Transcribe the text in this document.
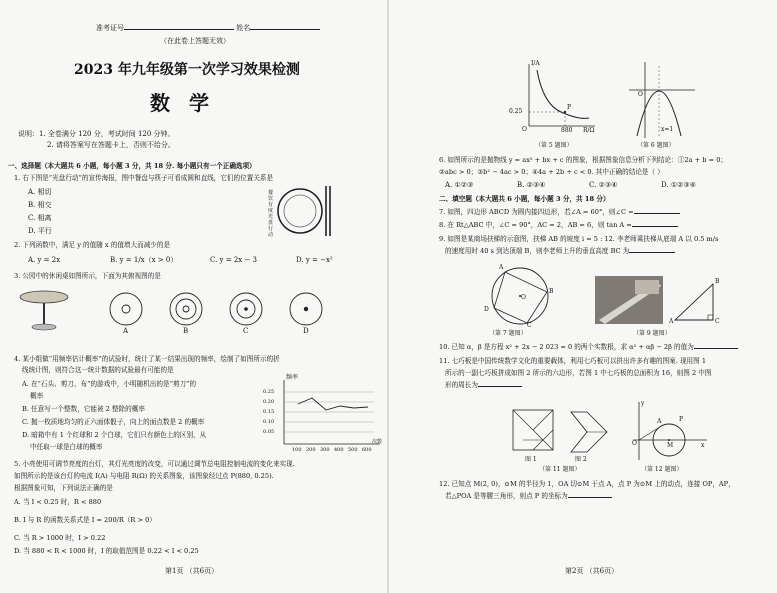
准考证号	姓名
（在此卷上答题无效）
2023 年九年级第一次学习效果检测
数 学
说明：1. 全卷满分 120 分，考试时间 120 分钟。
2. 请将答案写在答题卡上，否则不给分。
一、选择题（本大题共 6 小题，每小题 3 分，共 18 分. 每小题只有一个正确选项）
1. 右下图是“光盘行动”的宣传海报，图中餐盘与筷子可看成圆和直线，它们的位置关系是
A. 相切
B. 相交
C. 相离
D. 平行
餐饮有度 光盘行动
2. 下列函数中，满足 y 的值随 x 的值增大而减少的是
A. y = 2x	B. y = 1/x（x > 0）	C. y = 2x − 3	D. y = −x²
3. 公园中的休闲桌如图所示，下面为其俯视图的是
A	B	C	D
4. 某小组做“用频率估计概率”的试验时，统计了某一结果出现的频率，绘制了如图所示的折
线统计图，则符合这一统计数据的试验最有可能的是
A. 在“石头、剪刀、布”的游戏中，小明随机出的是“剪刀”的
概率
B. 任意写一个整数，它能被 2 整除的概率
C. 抛一枚质地均匀的正六面体骰子，向上的面点数是 2 的概率
D. 暗箱中有 1 个红球和 2 个白球，它们只有颜色上的区别，从
中任取一球是白球的概率
频率
0.25
0.20
0.15
0.10
0.05
100 200 300 400 500 600
次数
5. 小亮使用可调节亮度的台灯，其灯光亮度的改变，可以通过调节总电阻控制电流的变化来实现.
如图所示的是该台灯的电流 I(A) 与电阻 R(Ω) 的关系图象，该图象经过点 P(880, 0.25).
根据图象可知，下列说法正确的是
A. 当 I < 0.25 时，R < 880
B. I 与 R 的函数关系式是 I = 200/R（R > 0）
C. 当 R > 1000 时，I > 0.22
D. 当 880 < R < 1000 时，I 的取值范围是 0.22 < I < 0.25
第1页 （共6页）
I/A
0.25
880 R/Ω
P
O
（第 5 题图）
x=1
O
（第 6 题图）
6. 如图所示的是抛物线 y = ax² + bx + c 的图象，根据图象信息分析下列结论：①2a + b = 0；
②abc > 0；③b² − 4ac > 0；④4a + 2b + c < 0. 其中正确的结论是（ ）
A. ①②③	B. ②③④	C. ②③④	D. ①②③④
二、填空题（本大题共 6 小题，每小题 3 分，共 18 分）
7. 如图，四边形 ABCD 为圆内接四边形，若∠A = 60°，则∠C =
8. 在 Rt△ABC 中，∠C = 90°，AC = 2，AB = 6，则 tan A =
9. 如图是某商场扶梯的示意图，扶梯 AB 的坡度 i = 5 : 12. 李老师乘扶梯从底端 A 以 0.5 m/s
的速度用时 40 s 到达顶端 B，则李老师上升的垂直高度 BC 为
A
D
O
C
B
（第 7 题图）
B
A	C
（第 9 题图）
10. 已知 α，β 是方程 x² + 2x − 2 023 = 0 的两个实数根，求 α² + αβ − 2β 的值为
11. 七巧板是中国传统数学文化的重要载体，利用七巧板可以拼出许多有趣的图案. 现用图 1
所示的一副七巧板拼成如图 2 所示的六边形，若图 1 中七巧板的总面积为 16，则图 2 中图
形的周长为
图 1	图 2
（第 11 题图）
y
P
A
O	M	x
（第 12 题图）
12. 已知点 M(2, 0)，⊙M 的半径为 1，OA 切⊙M 于点 A，点 P 为⊙M 上的动点，连接 OP，AP，
若△POA 是等腰三角形，则点 P 的坐标为
第2页 （共6页）
